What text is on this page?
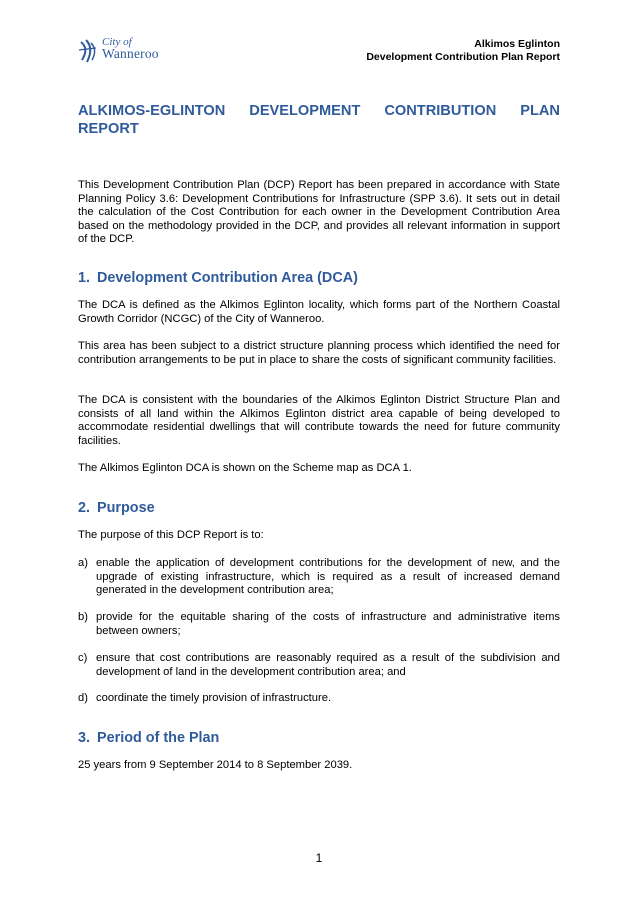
City of
Wanneroo
Alkimos Eglinton
Development Contribution Plan Report
ALKIMOS-EGLINTON DEVELOPMENT CONTRIBUTION PLAN
REPORT

This Development Contribution Plan (DCP) Report has been prepared in accordance with State Planning Policy 3.6: Development Contributions for Infrastructure (SPP 3.6). It sets out in detail the calculation of the Cost Contribution for each owner in the Development Contribution Area based on the methodology provided in the DCP, and provides all relevant information in support of the DCP.

1. Development Contribution Area (DCA)

The DCA is defined as the Alkimos Eglinton locality, which forms part of the Northern Coastal Growth Corridor (NCGC) of the City of Wanneroo.

This area has been subject to a district structure planning process which identified the need for contribution arrangements to be put in place to share the costs of significant community facilities.

The DCA is consistent with the boundaries of the Alkimos Eglinton District Structure Plan and consists of all land within the Alkimos Eglinton district area capable of being developed to accommodate residential dwellings that will contribute towards the need for future community facilities.

The Alkimos Eglinton DCA is shown on the Scheme map as DCA 1.

2. Purpose

The purpose of this DCP Report is to:

a) enable the application of development contributions for the development of new, and the upgrade of existing infrastructure, which is required as a result of increased demand generated in the development contribution area;
b) provide for the equitable sharing of the costs of infrastructure and administrative items between owners;
c) ensure that cost contributions are reasonably required as a result of the subdivision and development of land in the development contribution area; and
d) coordinate the timely provision of infrastructure.
3. Period of the Plan

25 years from 9 September 2014 to 8 September 2039.

1
